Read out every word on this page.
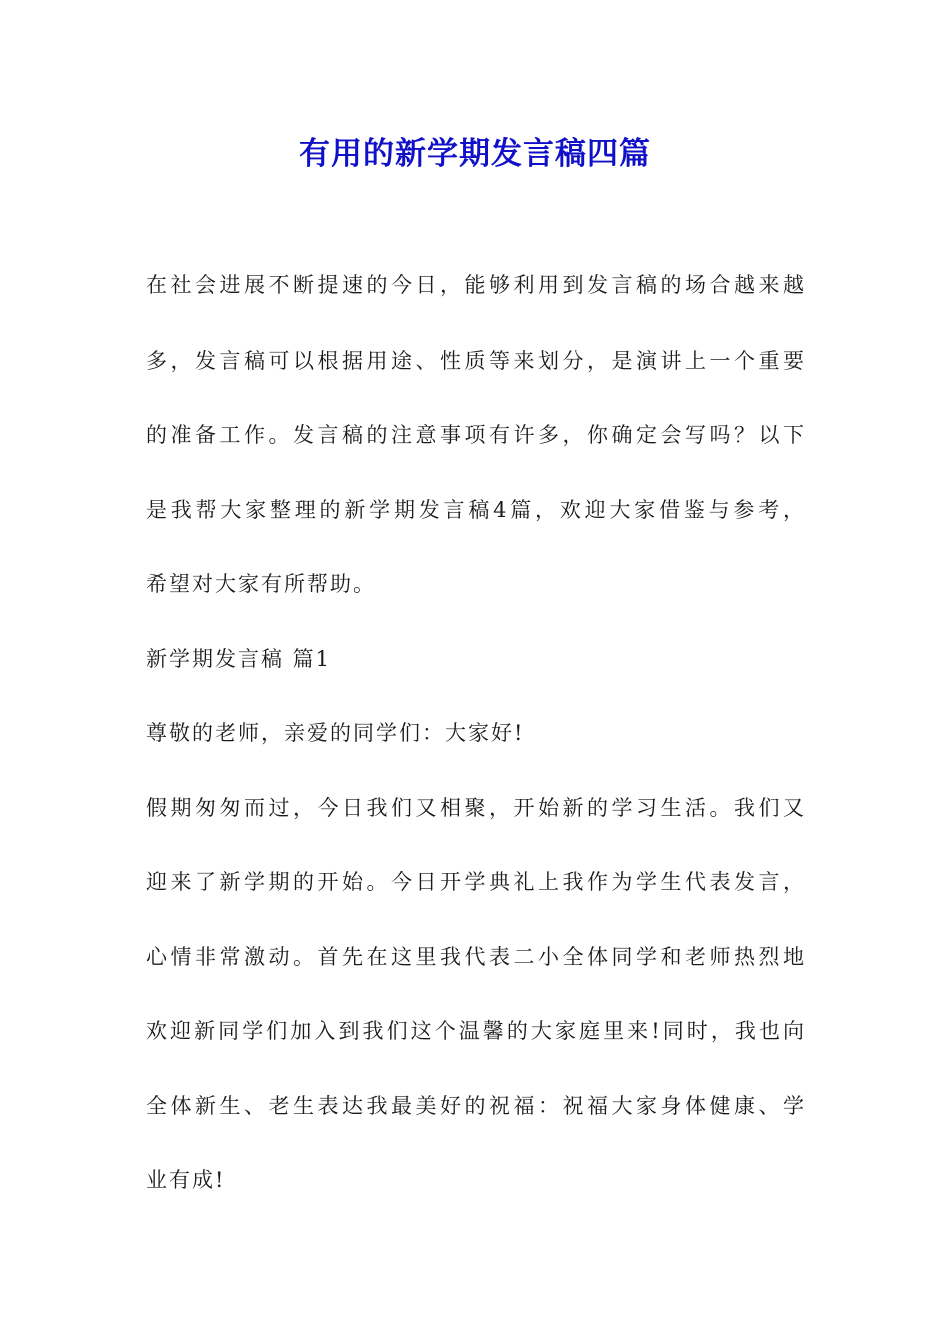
有用的新学期发言稿四篇

在社会进展不断提速的今日，能够利用到发言稿的场合越来越

多，发言稿可以根据用途、性质等来划分，是演讲上一个重要

的准备工作。发言稿的注意事项有许多，你确定会写吗？以下

是我帮大家整理的新学期发言稿4篇，欢迎大家借鉴与参考，

希望对大家有所帮助。

新学期发言稿 篇1

尊敬的老师，亲爱的同学们：大家好!

假期匆匆而过，今日我们又相聚，开始新的学习生活。我们又

迎来了新学期的开始。今日开学典礼上我作为学生代表发言，

心情非常激动。首先在这里我代表二小全体同学和老师热烈地

欢迎新同学们加入到我们这个温馨的大家庭里来!同时，我也向

全体新生、老生表达我最美好的祝福：祝福大家身体健康、学

业有成!
